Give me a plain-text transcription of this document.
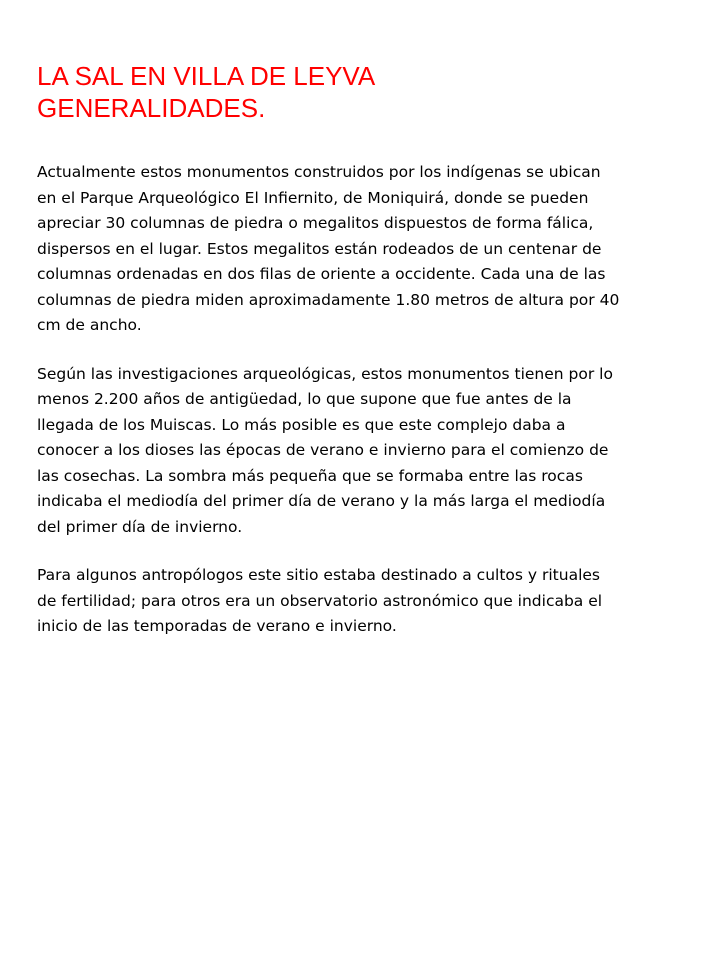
LA SAL EN VILLA DE LEYVA
GENERALIDADES.
Actualmente estos monumentos construidos por los indígenas se ubican
en el Parque Arqueológico El Infiernito, de Moniquirá, donde se pueden
apreciar 30 columnas de piedra o megalitos dispuestos de forma fálica,
dispersos en el lugar. Estos megalitos están rodeados de un centenar de
columnas ordenadas en dos filas de oriente a occidente. Cada una de las
columnas de piedra miden aproximadamente 1.80 metros de altura por 40
cm de ancho.
Según las investigaciones arqueológicas, estos monumentos tienen por lo
menos 2.200 años de antigüedad, lo que supone que fue antes de la
llegada de los Muiscas. Lo más posible es que este complejo daba a
conocer a los dioses las épocas de verano e invierno para el comienzo de
las cosechas. La sombra más pequeña que se formaba entre las rocas
indicaba el mediodía del primer día de verano y la más larga el mediodía
del primer día de invierno.
Para algunos antropólogos este sitio estaba destinado a cultos y rituales
de fertilidad; para otros era un observatorio astronómico que indicaba el
inicio de las temporadas de verano e invierno.
